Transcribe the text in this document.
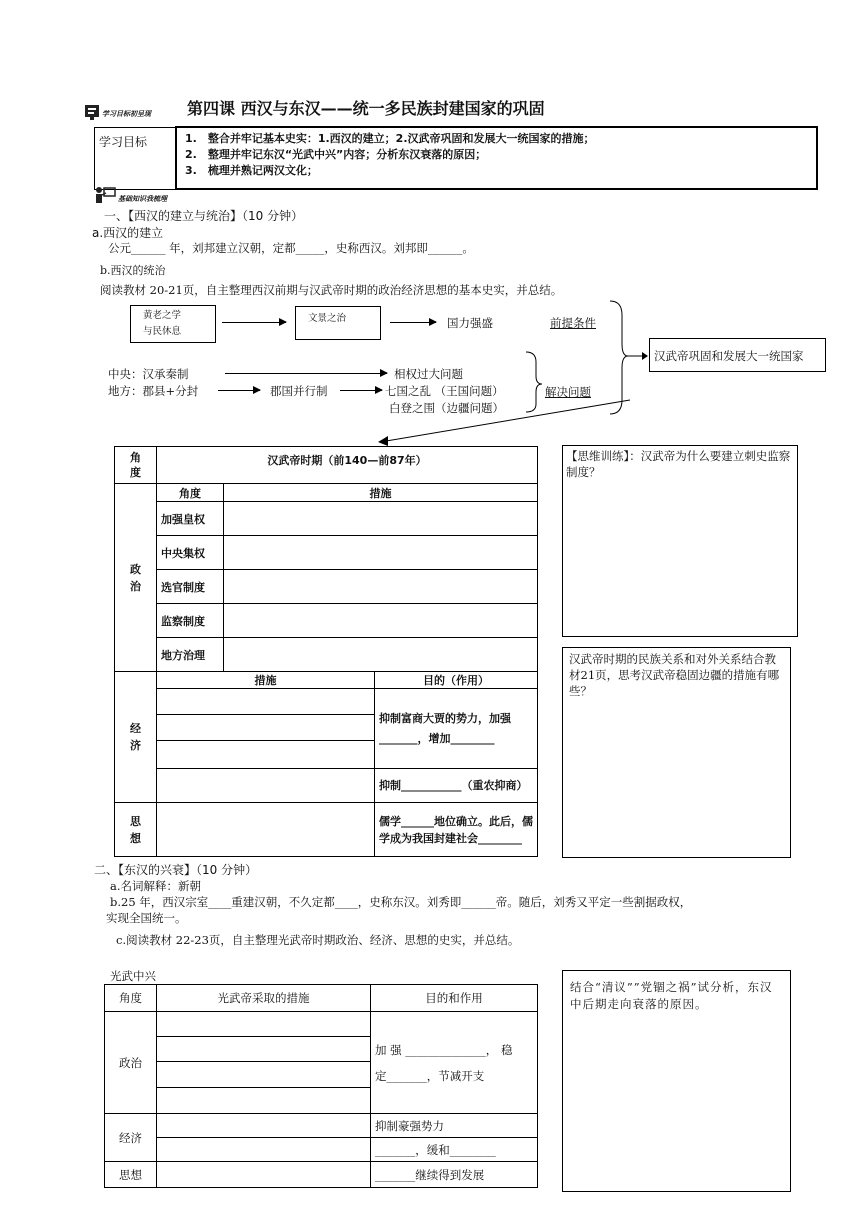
学习目标初呈现 第四课 西汉与东汉——统一多民族封建国家的巩固
学习目标	1.　整合并牢记基本史实：1.西汉的建立；2.汉武帝巩固和发展大一统国家的措施；
2.　整理并牢记东汉“光武中兴”内容；分析东汉衰落的原因；
3.　梳理并熟记两汉文化；
基础知识我梳理
一、【西汉的建立与统治】（10 分钟）
a.西汉的建立
公元______ 年，刘邦建立汉朝，定都_____，史称西汉。刘邦即______。
b.西汉的统治
阅读教材 20-21页，自主整理西汉前期与汉武帝时期的政治经济思想的基本史实，并总结。
黄老之学
与民休息
文景之治	国力强盛	前提条件
中央：汉承秦制	相权过大问题
地方：郡县+分封	郡国并行制	七国之乱 （王国问题）
白登之围（边疆问题）
解决问题
汉武帝巩固和发展大一统国家
角
度	汉武帝时期（前140—前87年）		
政
治	角度	措施	
	加强皇权		
	中央集权		
	选官制度		
	监察制度		
	地方治理		
经
济	措施		目的（作用）
			抑制富商大贾的势力，加强_______，增加________

			抑制___________（重农抑商）
思
想			儒学______地位确立。此后，儒学成为我国封建社会________
【思维训练】：汉武帝为什么要建立刺史监察制度？
汉武帝时期的民族关系和对外关系结合教材21页，思考汉武帝稳固边疆的措施有哪些？
二、【东汉的兴衰】（10 分钟）
a.名词解释：新朝
b.25 年，西汉宗室____重建汉朝，不久定都____，史称东汉。刘秀即______帝。随后，刘秀又平定一些割据政权，
实现全国统一。
c.阅读教材 22-23页，自主整理光武帝时期政治、经济、思想的史实，并总结。
光武中兴
角度	光武帝采取的措施	目的和作用
政治		加 强 ______________， 稳
定_______，节减开支

经济		抑制豪强势力
		_______，缓和________
思想		_______继续得到发展
结合“清议””党锢之祸”试分析，东汉中后期走向衰落的原因。
